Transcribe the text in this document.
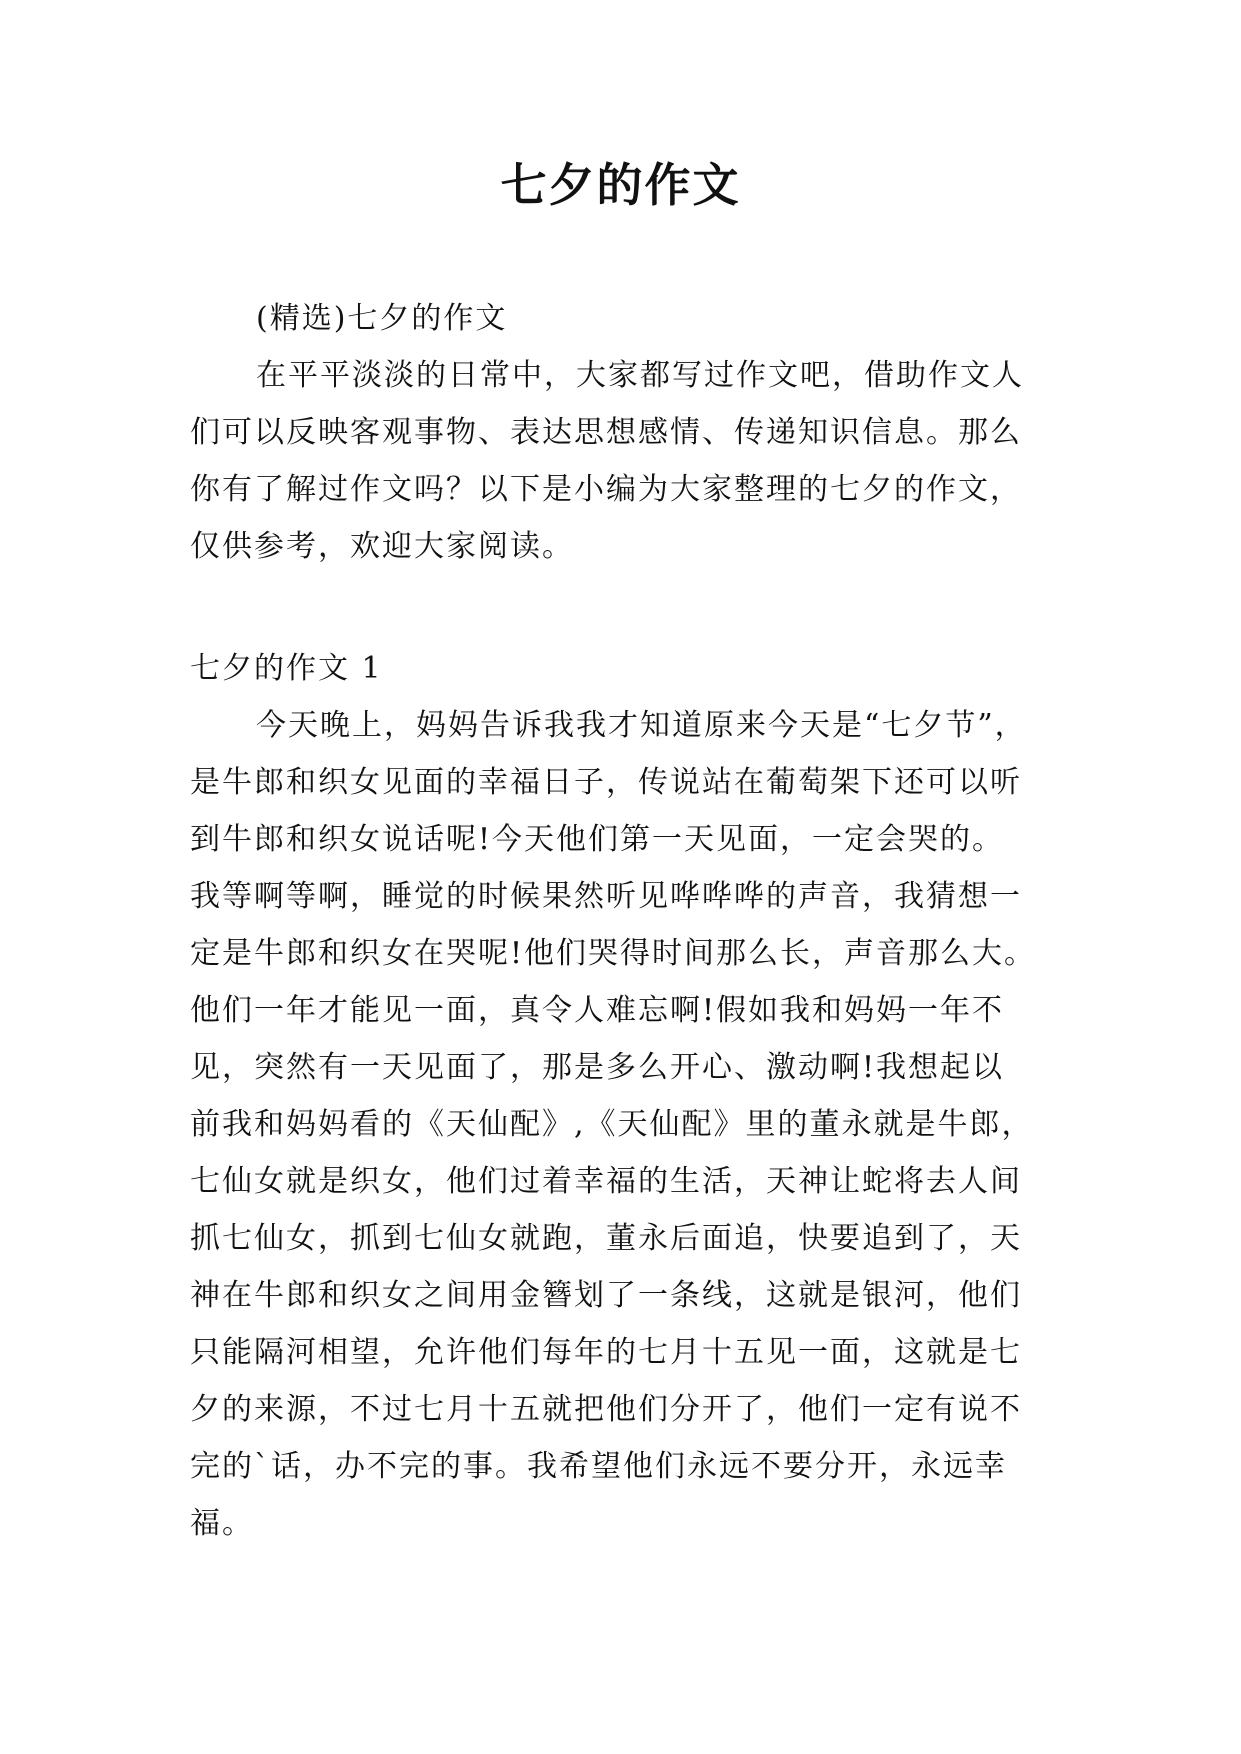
七夕的作文
(精选)七夕的作文
在平平淡淡的日常中，大家都写过作文吧，借助作文人
们可以反映客观事物、表达思想感情、传递知识信息。那么
你有了解过作文吗？以下是小编为大家整理的七夕的作文，
仅供参考，欢迎大家阅读。
七夕的作文 1
今天晚上，妈妈告诉我我才知道原来今天是“七夕节”，
是牛郎和织女见面的幸福日子，传说站在葡萄架下还可以听
到牛郎和织女说话呢!今天他们第一天见面，一定会哭的。
我等啊等啊，睡觉的时候果然听见哗哗哗的声音，我猜想一
定是牛郎和织女在哭呢!他们哭得时间那么长，声音那么大。
他们一年才能见一面，真令人难忘啊!假如我和妈妈一年不
见，突然有一天见面了，那是多么开心、激动啊!我想起以
前我和妈妈看的《天仙配》,《天仙配》里的董永就是牛郎，
七仙女就是织女，他们过着幸福的生活，天神让蛇将去人间
抓七仙女，抓到七仙女就跑，董永后面追，快要追到了，天
神在牛郎和织女之间用金簪划了一条线，这就是银河，他们
只能隔河相望，允许他们每年的七月十五见一面，这就是七
夕的来源，不过七月十五就把他们分开了，他们一定有说不
完的`话，办不完的事。我希望他们永远不要分开，永远幸
福。
